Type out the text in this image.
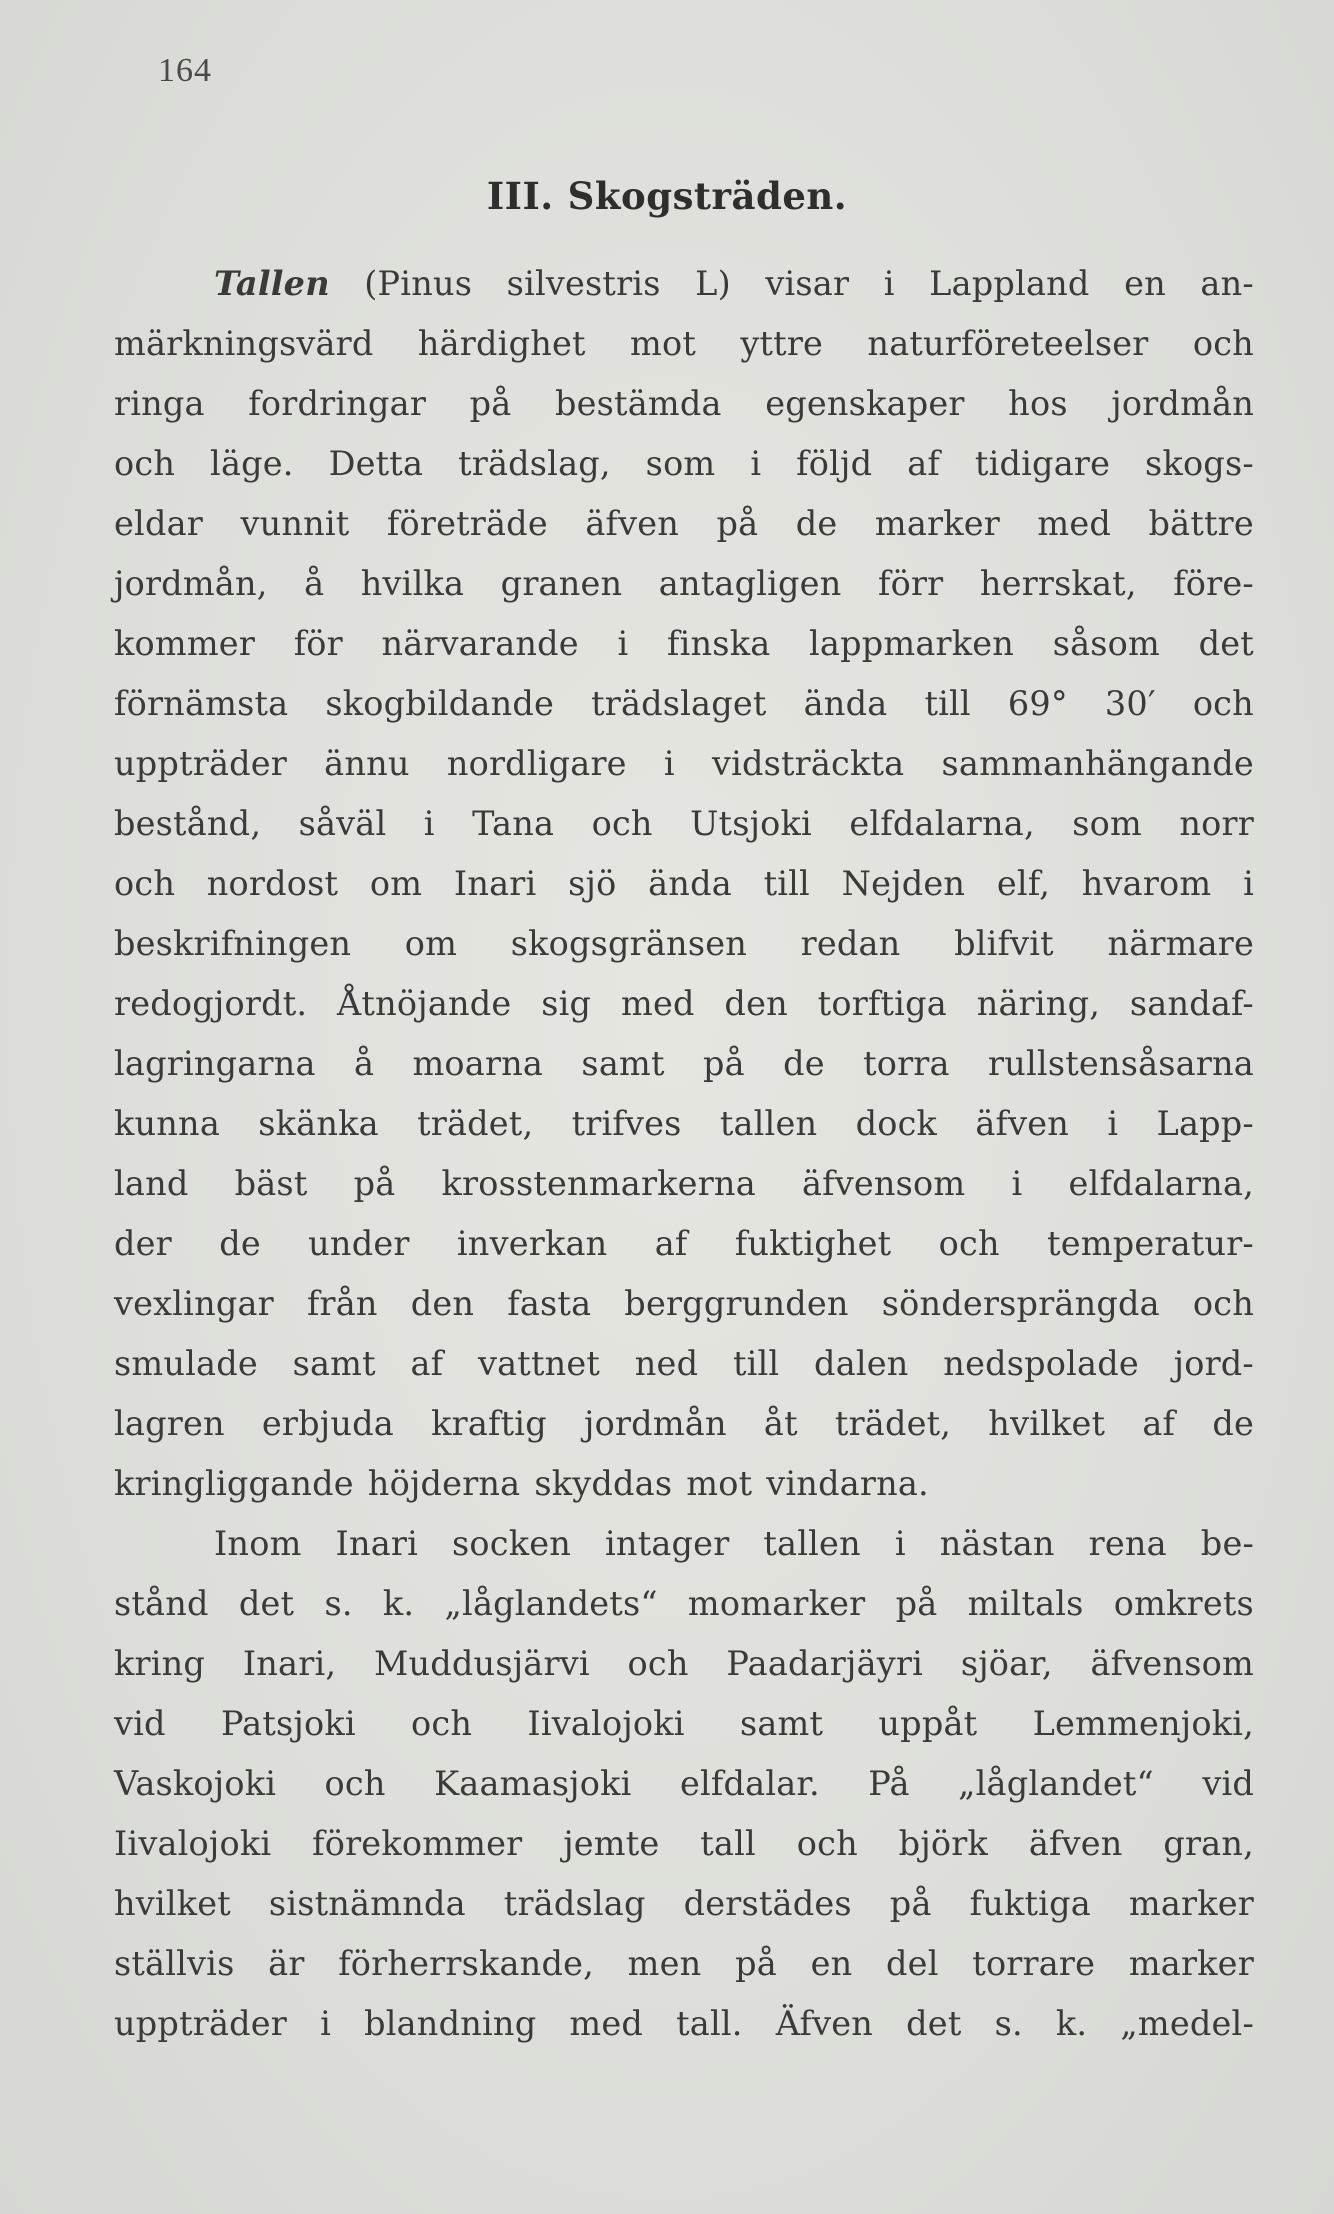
164
III. Skogsträden.
Tallen (Pinus silvestris L) visar i Lappland en an-
märkningsvärd härdighet mot yttre naturföreteelser och
ringa fordringar på bestämda egenskaper hos jordmån
och läge. Detta trädslag, som i följd af tidigare skogs-
eldar vunnit företräde äfven på de marker med bättre
jordmån, å hvilka granen antagligen förr herrskat, före-
kommer för närvarande i finska lappmarken såsom det
förnämsta skogbildande trädslaget ända till 69° 30′ och
uppträder ännu nordligare i vidsträckta sammanhängande
bestånd, såväl i Tana och Utsjoki elfdalarna, som norr
och nordost om Inari sjö ända till Nejden elf, hvarom i
beskrifningen om skogsgränsen redan blifvit närmare
redogjordt. Åtnöjande sig med den torftiga näring, sandaf-
lagringarna å moarna samt på de torra rullstensåsarna
kunna skänka trädet, trifves tallen dock äfven i Lapp-
land bäst på krosstenmarkerna äfvensom i elfdalarna,
der de under inverkan af fuktighet och temperatur-
vexlingar från den fasta berggrunden söndersprängda och
smulade samt af vattnet ned till dalen nedspolade jord-
lagren erbjuda kraftig jordmån åt trädet, hvilket af de
kringliggande höjderna skyddas mot vindarna.
Inom Inari socken intager tallen i nästan rena be-
stånd det s. k. „låglandets“ momarker på miltals omkrets
kring Inari, Muddusjärvi och Paadarjäyri sjöar, äfvensom
vid Patsjoki och Iivalojoki samt uppåt Lemmenjoki,
Vaskojoki och Kaamasjoki elfdalar. På „låglandet“ vid
Iivalojoki förekommer jemte tall och björk äfven gran,
hvilket sistnämnda trädslag derstädes på fuktiga marker
ställvis är förherrskande, men på en del torrare marker
uppträder i blandning med tall. Äfven det s. k. „medel-
